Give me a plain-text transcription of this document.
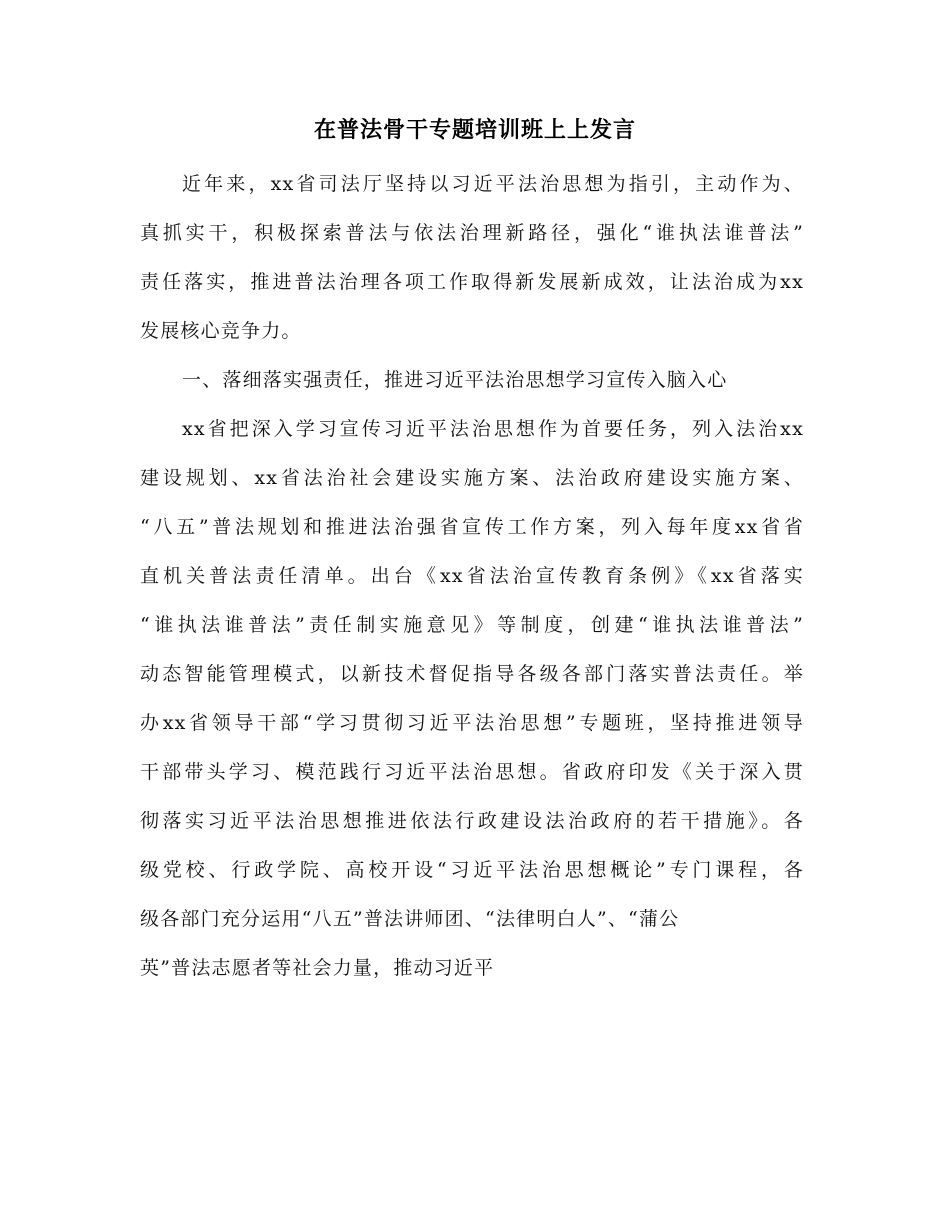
在普法骨干专题培训班上上发言
近年来，xx省司法厅坚持以习近平法治思想为指引，主动作为、
真抓实干，积极探索普法与依法治理新路径，强化“谁执法谁普法”
责任落实，推进普法治理各项工作取得新发展新成效，让法治成为xx
发展核心竞争力。
一、落细落实强责任，推进习近平法治思想学习宣传入脑入心
xx省把深入学习宣传习近平法治思想作为首要任务，列入法治xx
建设规划、xx省法治社会建设实施方案、法治政府建设实施方案、
“八五”普法规划和推进法治强省宣传工作方案，列入每年度xx省省
直机关普法责任清单。出台《xx省法治宣传教育条例》《xx省落实
“谁执法谁普法”责任制实施意见》等制度，创建“谁执法谁普法”
动态智能管理模式，以新技术督促指导各级各部门落实普法责任。举
办xx省领导干部“学习贯彻习近平法治思想”专题班，坚持推进领导
干部带头学习、模范践行习近平法治思想。省政府印发《关于深入贯
彻落实习近平法治思想推进依法行政建设法治政府的若干措施》。各
级党校、行政学院、高校开设“习近平法治思想概论”专门课程，各
级各部门充分运用“八五”普法讲师团、“法律明白人”、“蒲公
英”普法志愿者等社会力量，推动习近平
